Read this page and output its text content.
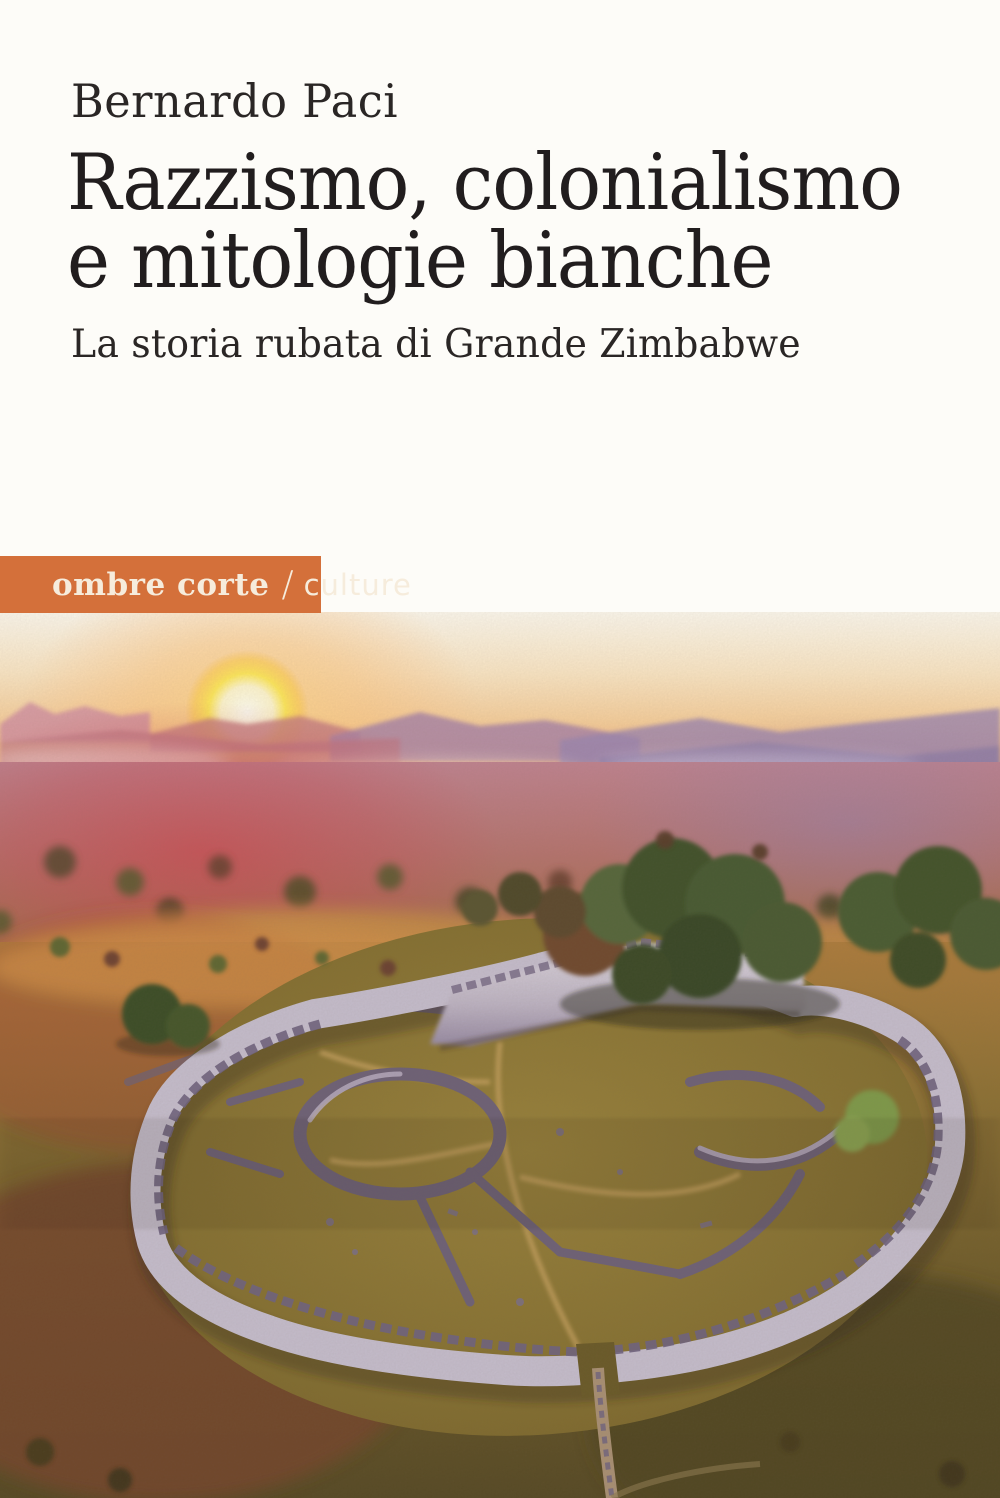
Bernardo Paci
Razzismo, colonialismo
e mitologie bianche
La storia rubata di Grande Zimbabwe
ombre corte / culture
